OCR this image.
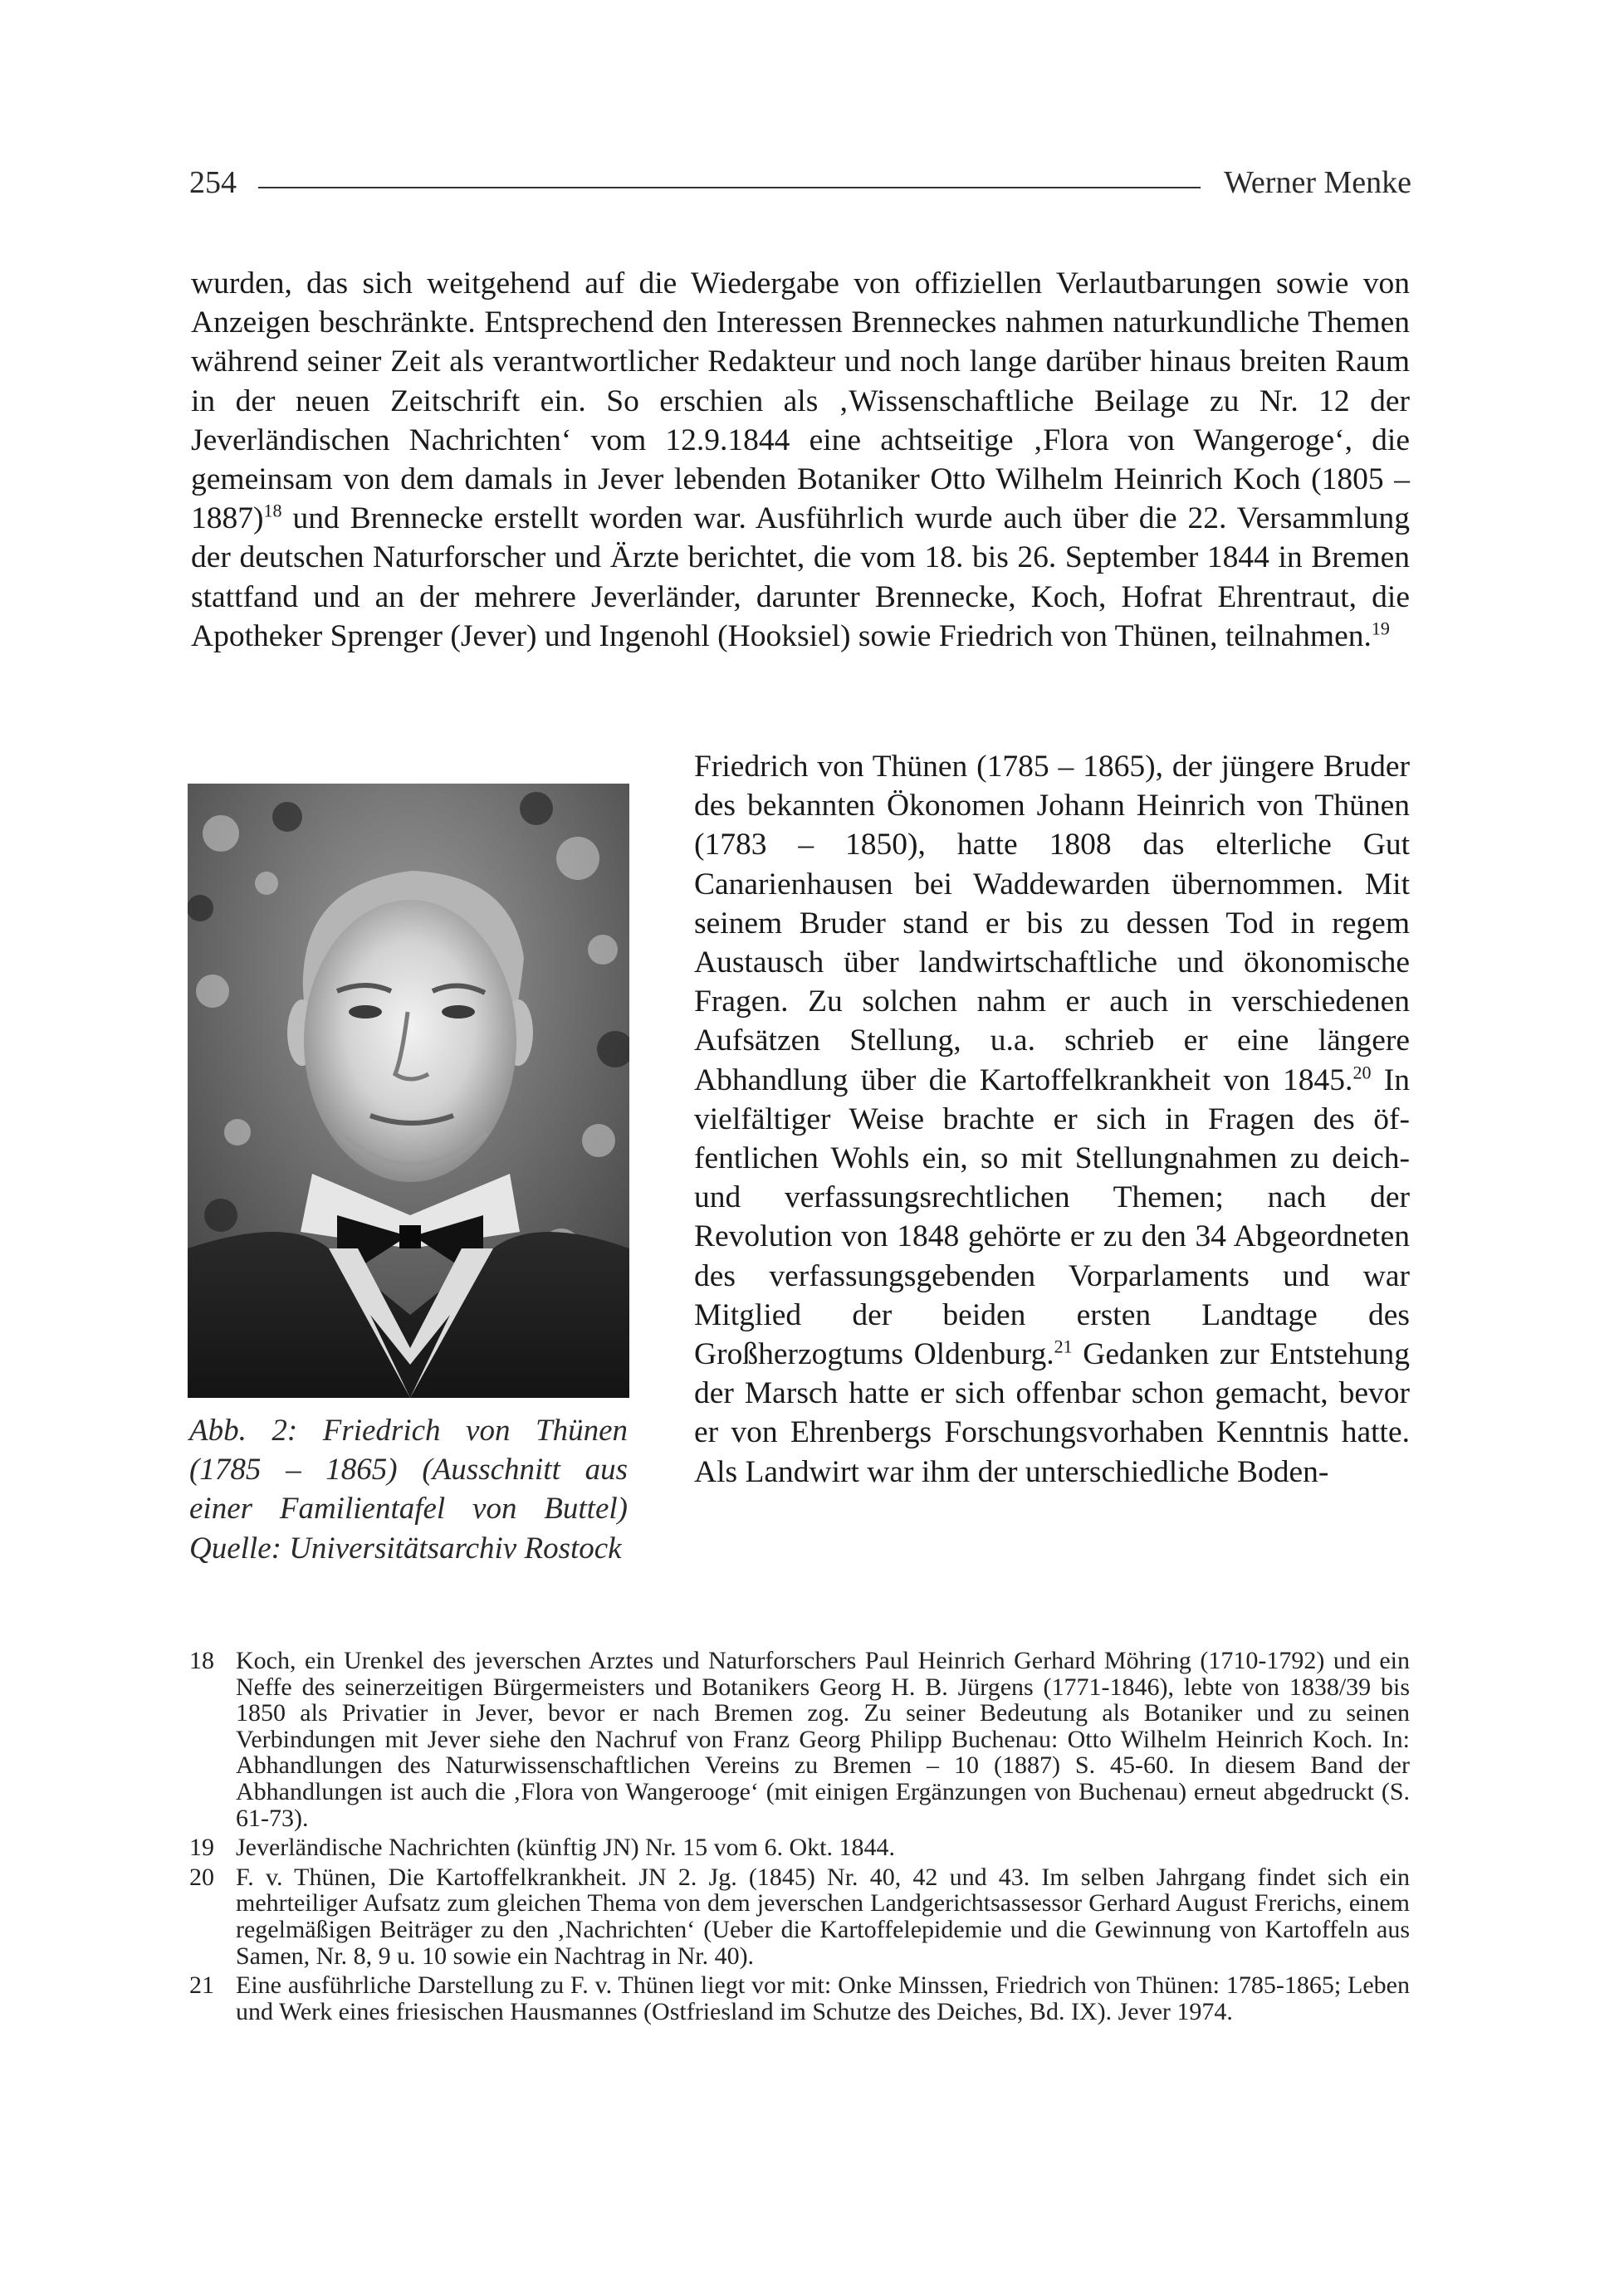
254	Werner Menke

wurden, das sich weitgehend auf die Wiedergabe von offiziellen Verlautbarungen sowie von Anzeigen beschränkte. Entsprechend den Interessen Brenneckes nahmen naturkundliche Themen während seiner Zeit als verantwortlicher Redakteur und noch lange darüber hinaus breiten Raum in der neuen Zeitschrift ein. So erschien als ‚Wissenschaftliche Beilage zu Nr. 12 der Jeverländischen Nachrichten‘ vom 12.9.1844 eine achtseitige ‚Flora von Wangeroge‘, die gemeinsam von dem damals in Jever lebenden Botaniker Otto Wilhelm Heinrich Koch (1805 – 1887)$^{18}$ und Brennecke erstellt worden war. Ausführlich wurde auch über die 22. Versammlung der deutschen Naturforscher und Ärzte berichtet, die vom 18. bis 26. September 1844 in Bremen stattfand und an der mehrere Jeverländer, darunter Brennecke, Koch, Hofrat Ehrentraut, die Apotheker Sprenger (Jever) und Ingenohl (Hooksiel) sowie Friedrich von Thünen, teilnahmen.$^{19}$

Abb. 2: Friedrich von Thünen (1785 – 1865) (Ausschnitt aus einer Familientafel von Buttel) Quelle: Universitätsarchiv Rostock

Friedrich von Thünen (1785 – 1865), der jüngere Bruder des bekannten Ökonomen Johann Heinrich von Thünen (1783 – 1850), hatte 1808 das elterliche Gut Canarienhausen bei Waddewarden übernommen. Mit seinem Bruder stand er bis zu dessen Tod in regem Austausch über landwirtschaftliche und ökonomische Fragen. Zu solchen nahm er auch in verschiedenen Aufsätzen Stellung, u.a. schrieb er eine längere Abhandlung über die Kartoffelkrankheit von 1845.20 In vielfältiger Weise brachte er sich in Fragen des öffentlichen Wohls ein, so mit Stellungnahmen zu deich- und verfassungsrechtlichen Themen; nach der Revolution von 1848 gehörte er zu den 34 Abgeordneten des verfassungsgebenden Vorparlaments und war Mitglied der beiden ersten Landtage des Großherzogtums Oldenburg.$^{21}$ Gedanken zur Entstehung der Marsch hatte er sich offenbar schon gemacht, bevor er von Ehrenbergs Forschungsvorhaben Kenntnis hatte. Als Landwirt war ihm der unterschiedliche Boden-

18 Koch, ein Urenkel des jeverschen Arztes und Naturforschers Paul Heinrich Gerhard Möhring (1710-1792) und ein Neffe des seinerzeitigen Bürgermeisters und Botanikers Georg H. B. Jürgens (1771-1846), lebte von 1838/39 bis 1850 als Privatier in Jever, bevor er nach Bremen zog. Zu seiner Bedeutung als Botaniker und zu seinen Verbindungen mit Jever siehe den Nachruf von Franz Georg Philipp Buchenau: Otto Wilhelm Heinrich Koch. In: Abhandlungen des Naturwissenschaftlichen Vereins zu Bremen – 10 (1887) S. 45-60. In diesem Band der Abhandlungen ist auch die ‚Flora von Wangerooge‘ (mit einigen Ergänzungen von Buchenau) erneut abgedruckt (S. 61-73).
19 Jeverländische Nachrichten (künftig JN) Nr. 15 vom 6. Okt. 1844.
20 F. v. Thünen, Die Kartoffelkrankheit. JN 2. Jg. (1845) Nr. 40, 42 und 43. Im selben Jahrgang findet sich ein mehrteiliger Aufsatz zum gleichen Thema von dem jeverschen Landgerichtsassessor Gerhard August Frerichs, einem regelmäßigen Beiträger zu den ‚Nachrichten‘ (Ueber die Kartoffelepidemie und die Gewinnung von Kartoffeln aus Samen, Nr. 8, 9 u. 10 sowie ein Nachtrag in Nr. 40).
21 Eine ausführliche Darstellung zu F. v. Thünen liegt vor mit: Onke Minssen, Friedrich von Thünen: 1785-1865; Leben und Werk eines friesischen Hausmannes (Ostfriesland im Schutze des Deiches, Bd. IX). Jever 1974.
